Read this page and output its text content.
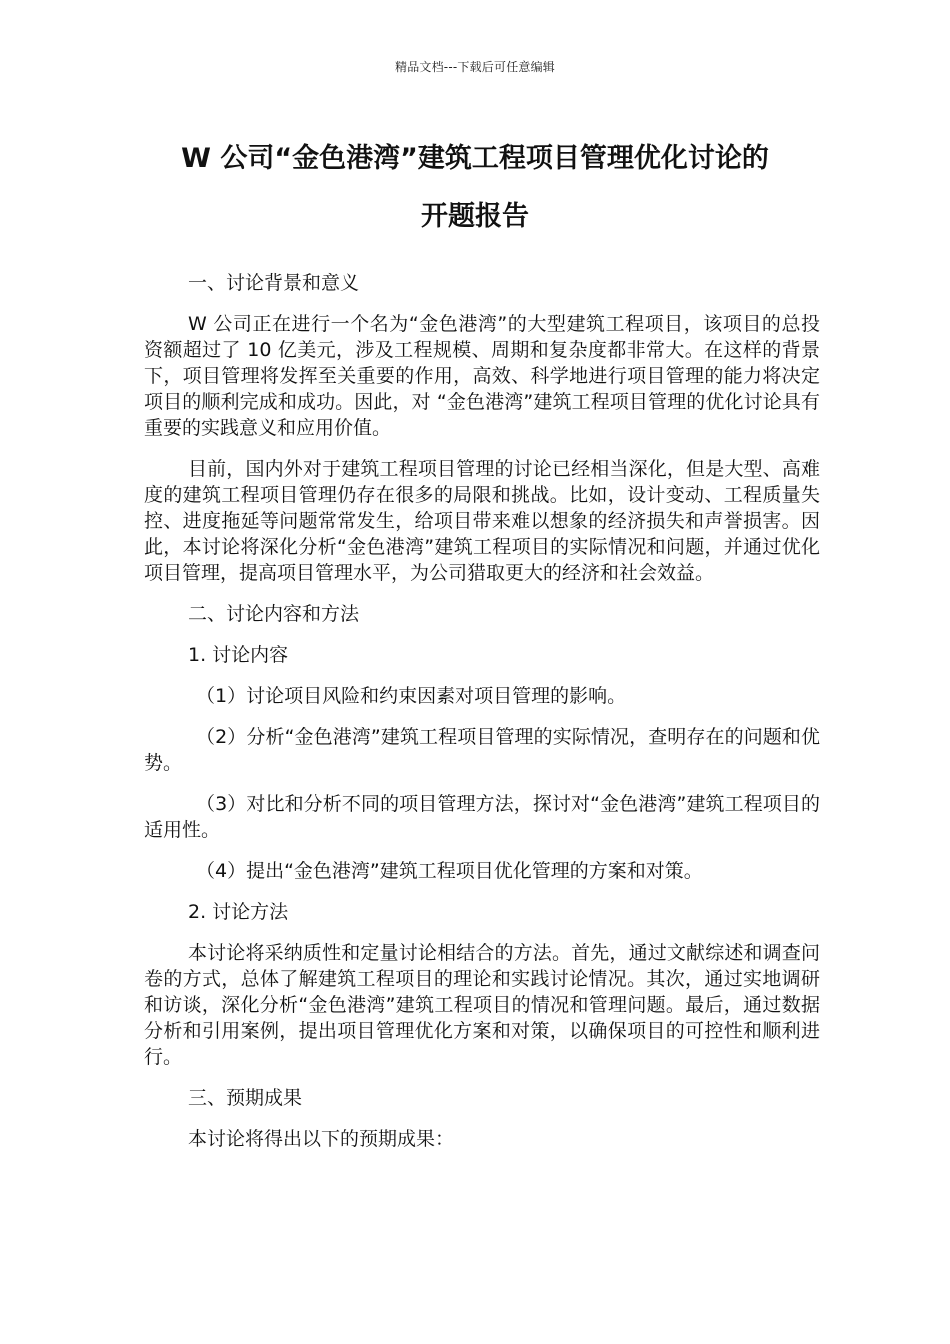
精品文档---下载后可任意编辑
W 公司“金色港湾”建筑工程项目管理优化讨论的
开题报告
一、讨论背景和意义

W 公司正在进行一个名为“金色港湾”的大型建筑工程项目，该项目的总投资额超过了 10 亿美元，涉及工程规模、周期和复杂度都非常大。在这样的背景下，项目管理将发挥至关重要的作用，高效、科学地进行项目管理的能力将决定项目的顺利完成和成功。因此，对 “金色港湾”建筑工程项目管理的优化讨论具有重要的实践意义和应用价值。

目前，国内外对于建筑工程项目管理的讨论已经相当深化，但是大型、高难度的建筑工程项目管理仍存在很多的局限和挑战。比如，设计变动、工程质量失控、进度拖延等问题常常发生，给项目带来难以想象的经济损失和声誉损害。因此，本讨论将深化分析“金色港湾”建筑工程项目的实际情况和问题，并通过优化项目管理，提高项目管理水平，为公司猎取更大的经济和社会效益。

二、讨论内容和方法
1. 讨论内容

（1）讨论项目风险和约束因素对项目管理的影响。

（2）分析“金色港湾”建筑工程项目管理的实际情况，查明存在的问题和优势。

（3）对比和分析不同的项目管理方法，探讨对“金色港湾”建筑工程项目的适用性。

（4）提出“金色港湾”建筑工程项目优化管理的方案和对策。

2. 讨论方法

本讨论将采纳质性和定量讨论相结合的方法。首先，通过文献综述和调查问卷的方式，总体了解建筑工程项目的理论和实践讨论情况。其次，通过实地调研和访谈，深化分析“金色港湾”建筑工程项目的情况和管理问题。最后，通过数据分析和引用案例，提出项目管理优化方案和对策，以确保项目的可控性和顺利进行。

三、预期成果

本讨论将得出以下的预期成果：
